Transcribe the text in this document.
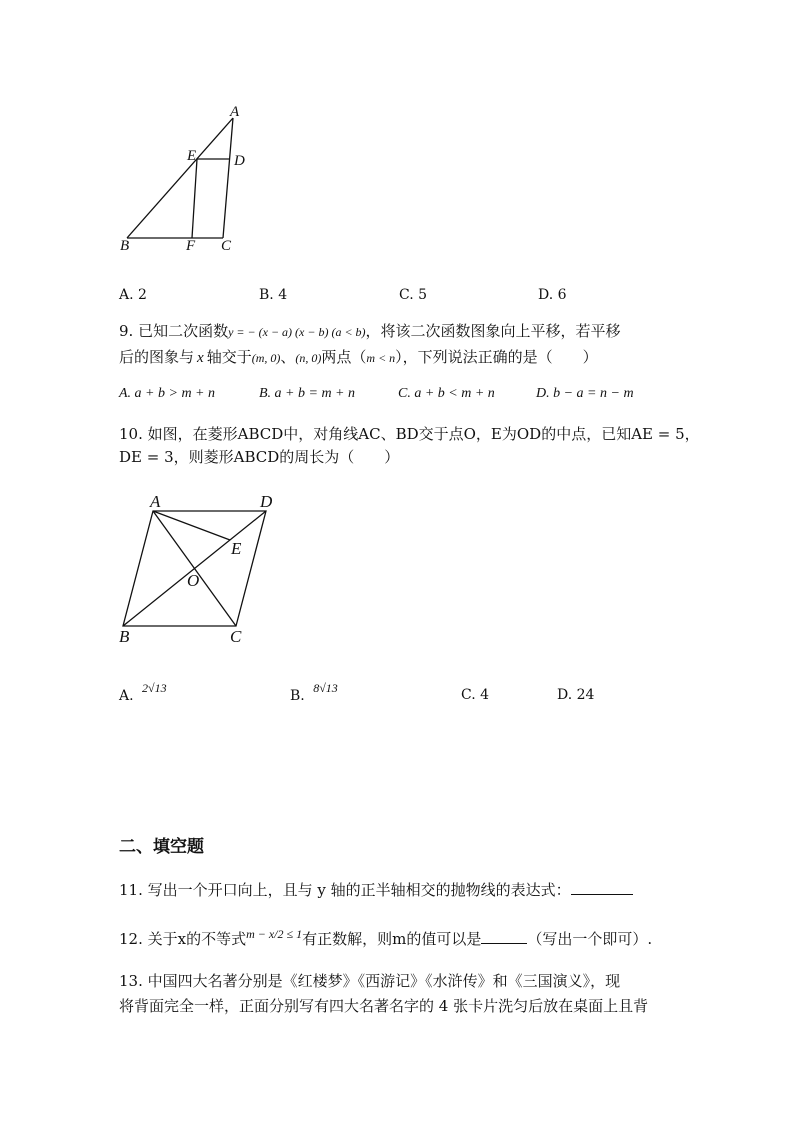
A
E	D
B	F C
A. 2	B. 4	C. 5	D. 6
9. 已知二次函数y = − (x − a) (x − b) (a < b)，将该二次函数图象向上平移，若平移
后的图象与 x 轴交于(m, 0)、(n, 0)两点（m < n），下列说法正确的是（　　）
A. a + b > m + n	B. a + b = m + n	C. a + b < m + n	D. b − a = n − m
10. 如图，在菱形ABCD中，对角线AC、BD交于点O，E为OD的中点，已知AE = 5，
DE = 3，则菱形ABCD的周长为（　　）
A	D
E
O
B	C
A. 2√13	B. 8√13	C. 4	D. 24
二、填空题
11. 写出一个开口向上，且与 y 轴的正半轴相交的抛物线的表达式：
12. 关于x的不等式$^{m - x/2 \le 1}$有正数解，则m的值可以是	（写出一个即可）.
13. 中国四大名著分别是《红楼梦》《西游记》《水浒传》和《三国演义》，现
将背面完全一样，正面分别写有四大名著名字的 4 张卡片洗匀后放在桌面上且背
